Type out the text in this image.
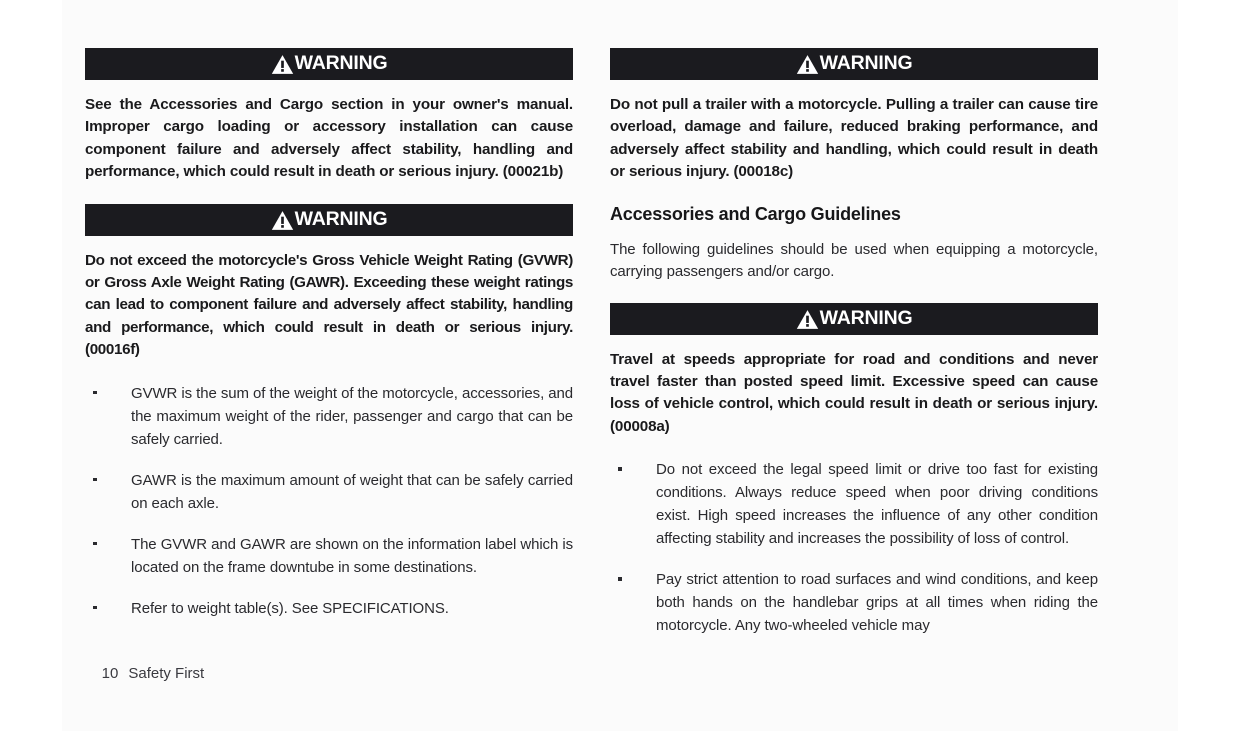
WARNING

See the Accessories and Cargo section in your owner's manual. Improper cargo loading or accessory installation can cause component failure and adversely affect stability, handling and performance, which could result in death or serious injury. (00021b)

WARNING

Do not exceed the motorcycle's Gross Vehicle Weight Rating (GVWR) or Gross Axle Weight Rating (GAWR). Exceeding these weight ratings can lead to component failure and adversely affect stability, handling and performance, which could result in death or serious injury. (00016f)

GVWR is the sum of the weight of the motorcycle, accessories, and the maximum weight of the rider, passenger and cargo that can be safely carried.
GAWR is the maximum amount of weight that can be safely carried on each axle.
The GVWR and GAWR are shown on the information label which is located on the frame downtube in some destinations.
Refer to weight table(s). See SPECIFICATIONS.
WARNING

Do not pull a trailer with a motorcycle. Pulling a trailer can cause tire overload, damage and failure, reduced braking performance, and adversely affect stability and handling, which could result in death or serious injury. (00018c)

Accessories and Cargo Guidelines

The following guidelines should be used when equipping a motorcycle, carrying passengers and/or cargo.

WARNING

Travel at speeds appropriate for road and conditions and never travel faster than posted speed limit. Excessive speed can cause loss of vehicle control, which could result in death or serious injury. (00008a)

Do not exceed the legal speed limit or drive too fast for existing conditions. Always reduce speed when poor driving conditions exist. High speed increases the influence of any other condition affecting stability and increases the possibility of loss of control.
Pay strict attention to road surfaces and wind conditions, and keep both hands on the handlebar grips at all times when riding the motorcycle. Any two-wheeled vehicle may

10 Safety First
